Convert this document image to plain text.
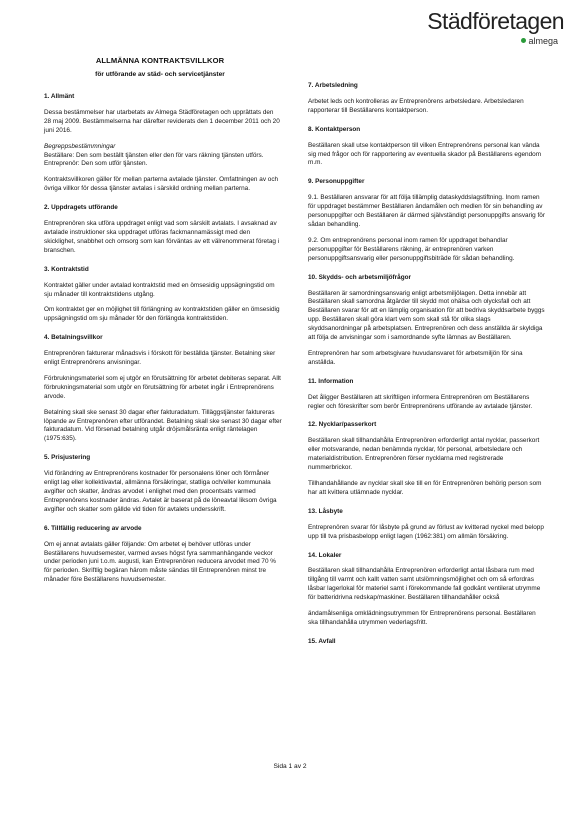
Städföretagen
almega
ALLMÄNNA KONTRAKTSVILLKOR
för utförande av städ- och servicetjänster

1. Allmänt

Dessa bestämmelser har utarbetats av Almega Städföretagen och upprättats den 28 maj 2009. Bestämmelserna har därefter reviderats den 1 december 2011 och 20 juni 2016.

Begreppsbestämmningar

Beställare: Den som beställt tjänsten eller den för vars räkning tjänsten utförs.

Entreprenör: Den som utför tjänsten.

Kontraktsvillkoren gäller för mellan parterna avtalade tjänster. Omfattningen av och övriga villkor för dessa tjänster avtalas i särskild ordning mellan parterna.

2. Uppdragets utförande

Entreprenören ska utföra uppdraget enligt vad som särskilt avtalats. I avsaknad av avtalade instruktioner ska uppdraget utföras fackmannamässigt med den skicklighet, snabbhet och omsorg som kan förväntas av ett välrenommerat företag i branschen.

3. Kontraktstid

Kontraktet gäller under avtalad kontraktstid med en ömsesidig uppsägningstid om sju månader till kontraktstidens utgång.

Om kontraktet ger en möjlighet till förlängning av kontraktstiden gäller en ömsesidig uppsägningstid om sju månader för den förlängda kontraktstiden.

4. Betalningsvillkor

Entreprenören fakturerar månadsvis i förskott för beställda tjänster. Betalning sker enligt Entreprenörens anvisningar.

Förbrukningsmateriel som ej utgör en förutsättning för arbetet debiteras separat. Allt förbrukningsmaterial som utgör en förutsättning för arbetet ingår i Entreprenörens arvode.

Betalning skall ske senast 30 dagar efter fakturadatum. Tilläggstjänster faktureras löpande av Entreprenören efter utförandet. Betalning skall ske senast 30 dagar efter fakturadatum. Vid försenad betalning utgår dröjsmålsränta enligt räntelagen (1975:635).

5. Prisjustering

Vid förändring av Entreprenörens kostnader för personalens löner och förmåner enligt lag eller kollektivavtal, allmänna försäkringar, statliga och/eller kommunala avgifter och skatter, ändras arvodet i enlighet med den procentsats varmed Entreprenörens kostnader ändras. Avtalet är baserat på de löneavtal liksom övriga avgifter och skatter som gällde vid tiden för avtalets undersskrift.

6. Tillfällig reducering av arvode

Om ej annat avtalats gäller följande: Om arbetet ej behöver utföras under Beställarens huvudsemester, varmed avses högst fyra sammanhängande veckor under perioden juni t.o.m. augusti, kan Entreprenören reducera arvodet med 70 % för perioden. Skriftlig begäran härom måste sändas till Entreprenören minst tre månader före Beställarens huvudsemester.

7. Arbetsledning

Arbetet leds och kontrolleras av Entreprenörens arbetsledare. Arbetsledaren rapporterar till Beställarens kontaktperson.

8. Kontaktperson

Beställaren skall utse kontaktperson till vilken Entreprenörens personal kan vända sig med frågor och för rapportering av eventuella skador på Beställarens egendom m.m.

9. Personuppgifter

9.1. Beställaren ansvarar för att följa tillämplig dataskyddslagstiftning. Inom ramen för uppdraget bestämmer Beställaren ändamålen och medlen för sin behandling av personuppgifter och Beställaren är därmed självständigt personuppgifts ansvarig för sådan behandling.

9.2. Om entreprenörens personal inom ramen för uppdraget behandlar personuppgifter för Beställarens räkning, är entreprenören varken personuppgiftsansvarig eller personuppgiftsbiträde för sådan behandling.

10. Skydds- och arbetsmiljöfrågor

Beställaren är samordningsansvarig enligt arbetsmiljölagen. Detta innebär att Beställaren skall samordna åtgärder till skydd mot ohälsa och olycksfall och att Beställaren svarar för att en lämplig organisation för att bedriva skyddsarbete byggs upp. Beställaren skall göra klart vem som skall stå för olika slags skyddsanordningar på arbetsplatsen. Entreprenören och dess anställda är skyldiga att följa de anvisningar som i samordnande syfte lämnas av Beställaren.

Entreprenören har som arbetsgivare huvudansvaret för arbetsmiljön för sina anställda.

11. Information

Det åligger Beställaren att skriftligen informera Entreprenören om Beställarens regler och föreskrifter som berör Entreprenörens utförande av avtalade tjänster.

12. Nycklar/passerkort

Beställaren skall tillhandahålla Entreprenören erforderligt antal nycklar, passerkort eller motsvarande, nedan benämnda nycklar, för personal, arbetsledare och materialdistribution. Entreprenören förser nycklarna med registrerade nummerbrickor.

Tillhandahållande av nycklar skall ske till en för Entreprenören behörig person som har att kvittera utlämnade nycklar.

13. Låsbyte

Entreprenören svarar för låsbyte på grund av förlust av kvitterad nyckel med belopp upp till tva prisbasbelopp enligt lagen (1962:381) om allmän försäkring.

14. Lokaler

Beställaren skall tillhandahålla Entreprenören erforderligt antal låsbara rum med tillgång till varmt och kallt vatten samt utslömningsmöjlighet och om så erfordras låsbar lagerlokal för materiel samt i förekommande fall godkänt ventilerat utrymme för batteridrivna redskap/maskiner. Beställaren tillhandahåller också

ändamålsenliga omklädningsutrymmen för Entreprenörens personal. Beställaren ska tillhandahålla utrymmen vederlagsfritt.

15. Avfall

Sida 1 av 2
